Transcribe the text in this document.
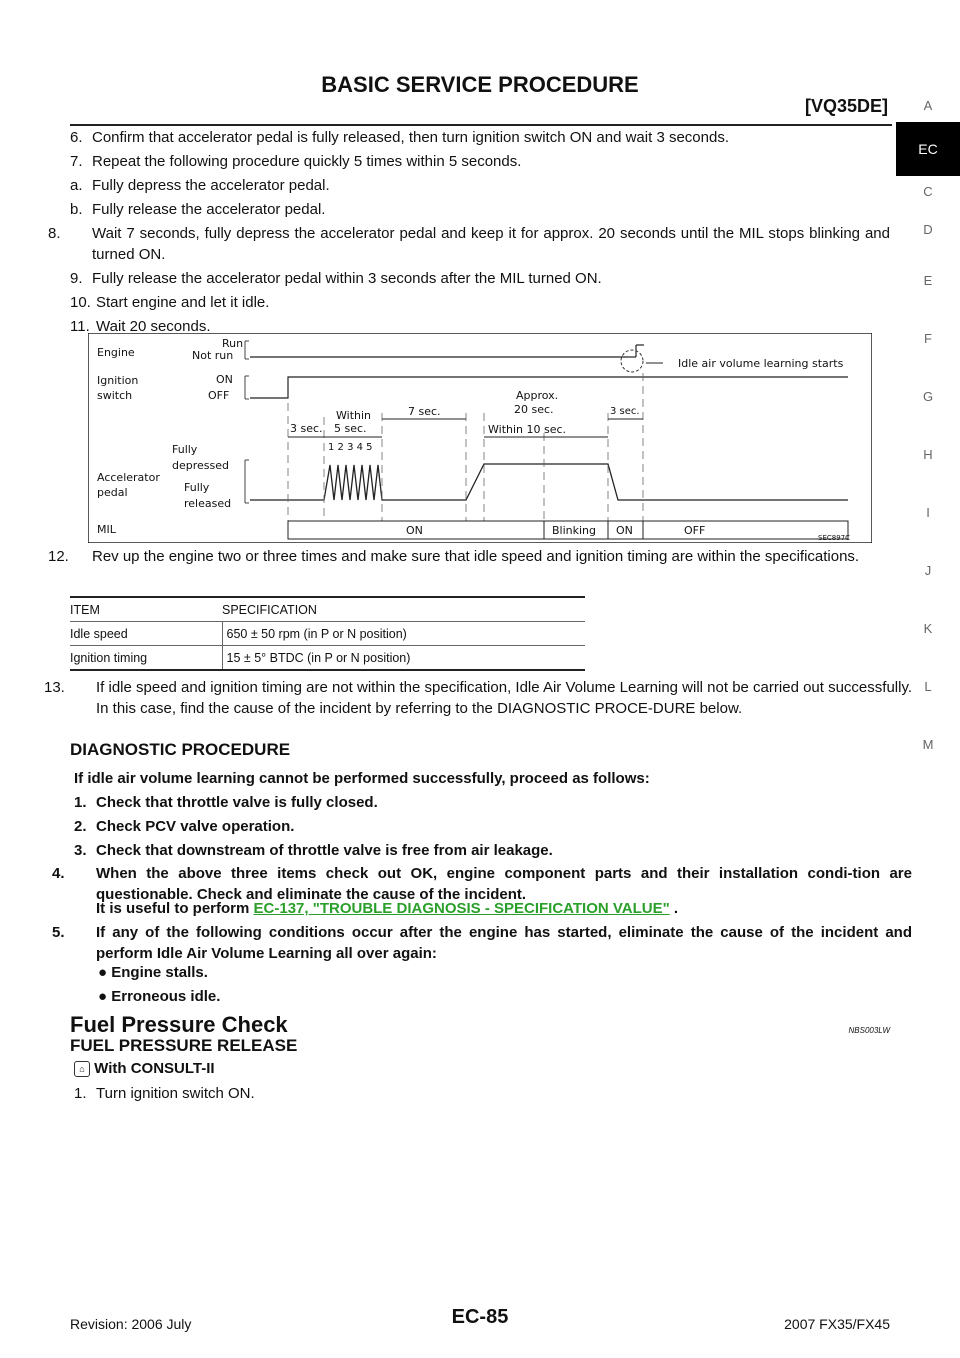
BASIC SERVICE PROCEDURE
[VQ35DE]	A
EC
C
D
E
F
G
H
I
J
K
L
M
6. Confirm that accelerator pedal is fully released, then turn ignition switch ON and wait 3 seconds.
7. Repeat the following procedure quickly 5 times within 5 seconds.
a. Fully depress the accelerator pedal.
b. Fully release the accelerator pedal.
8. Wait 7 seconds, fully depress the accelerator pedal and keep it for approx. 20 seconds until the MIL stops blinking and turned ON.
9. Fully release the accelerator pedal within 3 seconds after the MIL turned ON.
10. Start engine and let it idle.
11. Wait 20 seconds.
Engine
Run
Not run
Ignition
switch
ON
OFF
Fully
depressed
Accelerator
pedal	Fully
released
MIL
Idle air volume learning starts
3 sec.
Within
5 sec.
1 2 3 4 5
7 sec.
Approx.
20 sec.	3 sec.
Within 10 sec.
ON	Blinking ON	OFF
SEC897C
12. Rev up the engine two or three times and make sure that idle speed and ignition timing are within the specifications.
ITEM	SPECIFICATION
Idle speed	650 ± 50 rpm (in P or N position)
Ignition timing	15 ± 5° BTDC (in P or N position)
13. If idle speed and ignition timing are not within the specification, Idle Air Volume Learning will not be carried out successfully. In this case, find the cause of the incident by referring to the DIAGNOSTIC PROCE-DURE below.
DIAGNOSTIC PROCEDURE
If idle air volume learning cannot be performed successfully, proceed as follows:
1. Check that throttle valve is fully closed.
2. Check PCV valve operation.
3. Check that downstream of throttle valve is free from air leakage.
4. When the above three items check out OK, engine component parts and their installation condi-tion are questionable. Check and eliminate the cause of the incident.
It is useful to perform EC-137, "TROUBLE DIAGNOSIS - SPECIFICATION VALUE" .
5. If any of the following conditions occur after the engine has started, eliminate the cause of the incident and perform Idle Air Volume Learning all over again:
● Engine stalls.
● Erroneous idle.
Fuel Pressure Check	NBS003LW
FUEL PRESSURE RELEASE
⌂ With CONSULT-II
1. Turn ignition switch ON.
Revision: 2006 July	EC-85	2007 FX35/FX45
